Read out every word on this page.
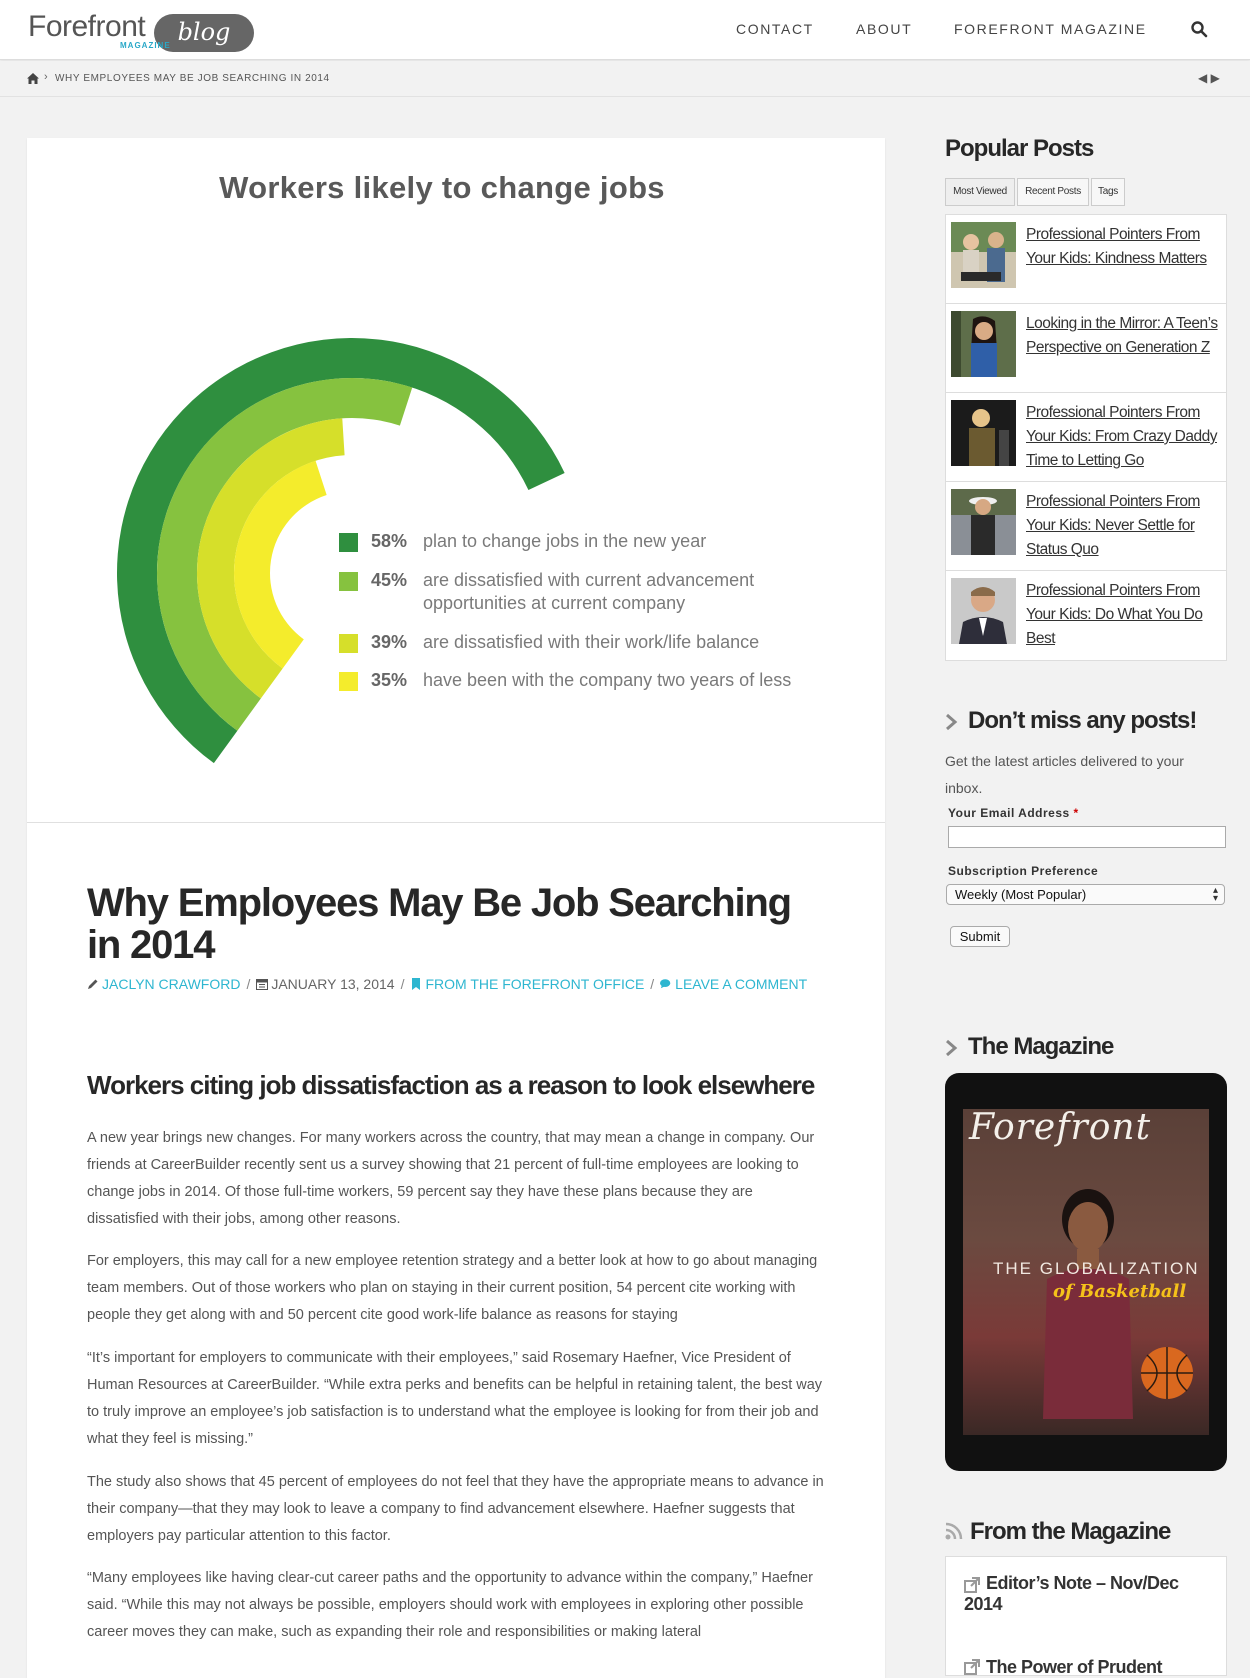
Forefront	blog
MAGAZINE
CONTACT	ABOUT	FOREFRONT MAGAZINE
› WHY EMPLOYEES MAY BE JOB SEARCHING IN 2014	◀ ▶
Workers likely to change jobs
58% plan to change jobs in the new year
45% are dissatisfied with current advancement opportunities at current company
39% are dissatisfied with their work/life balance
35% have been with the company two years of less
Why Employees May Be Job Searching in 2014
JACLYN CRAWFORD / JANUARY 13, 2014 / FROM THE FOREFRONT OFFICE / LEAVE A COMMENT
Workers citing job dissatisfaction as a reason to look elsewhere

A new year brings new changes. For many workers across the country, that may mean a change in company. Our friends at CareerBuilder recently sent us a survey showing that 21 percent of full-time employees are looking to change jobs in 2014. Of those full-time workers, 59 percent say they have these plans because they are dissatisfied with their jobs, among other reasons.

For employers, this may call for a new employee retention strategy and a better look at how to go about managing team members. Out of those workers who plan on staying in their current position, 54 percent cite working with people they get along with and 50 percent cite good work-life balance as reasons for staying

“It’s important for employers to communicate with their employees,” said Rosemary Haefner, Vice President of Human Resources at CareerBuilder. “While extra perks and benefits can be helpful in retaining talent, the best way to truly improve an employee’s job satisfaction is to understand what the employee is looking for from their job and what they feel is missing.”

The study also shows that 45 percent of employees do not feel that they have the appropriate means to advance in their company—that they may look to leave a company to find advancement elsewhere. Haefner suggests that employers pay particular attention to this factor.

“Many employees like having clear-cut career paths and the opportunity to advance within the company,” Haefner said. “While this may not always be possible, employers should work with employees in exploring other possible career moves they can make, such as expanding their role and responsibilities or making lateral

Popular Posts
Most Viewed	Recent Posts	Tags
Professional Pointers From Your Kids: Kindness Matters
Looking in the Mirror: A Teen’s Perspective on Generation Z
Professional Pointers From Your Kids: From Crazy Daddy Time to Letting Go
Professional Pointers From Your Kids: Never Settle for Status Quo
Professional Pointers From Your Kids: Do What You Do Best
Don’t miss any posts!

Get the latest articles delivered to your inbox.

Your Email Address *
Subscription Preference
Weekly (Most Popular)	▴
▾
Submit
The Magazine
Forefront
THE GLOBALIZATION
of Basketball
From the Magazine
Editor’s Note – Nov/Dec 2014
The Power of Prudent
